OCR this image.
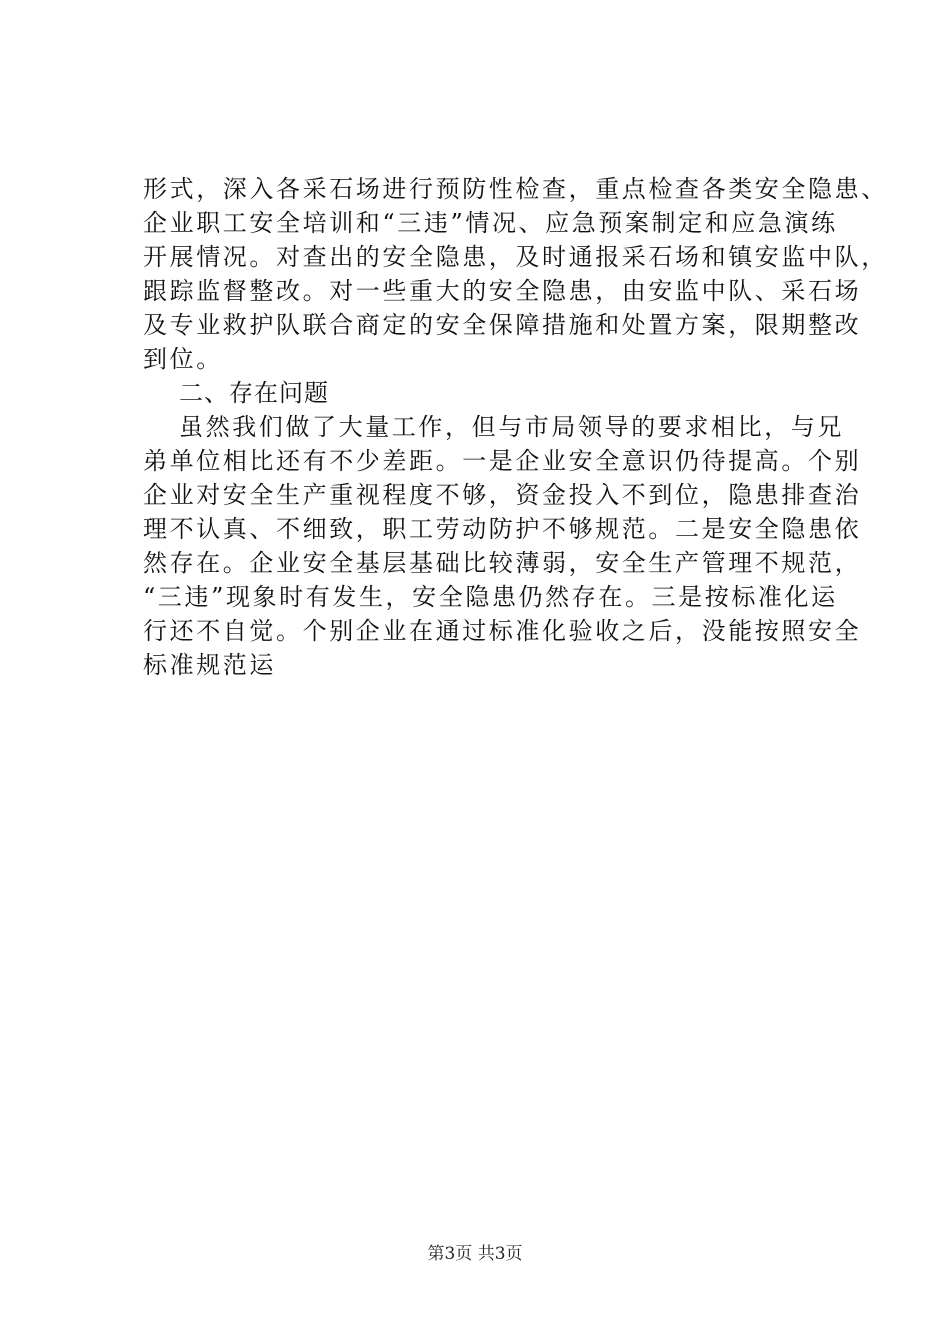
形式，深入各采石场进行预防性检查，重点检查各类安全隐患、
企业职工安全培训和“三违”情况、应急预案制定和应急演练
开展情况。对查出的安全隐患，及时通报采石场和镇安监中队，
跟踪监督整改。对一些重大的安全隐患，由安监中队、采石场
及专业救护队联合商定的安全保障措施和处置方案，限期整改
到位。
二、存在问题
虽然我们做了大量工作，但与市局领导的要求相比，与兄
弟单位相比还有不少差距。一是企业安全意识仍待提高。个别
企业对安全生产重视程度不够，资金投入不到位，隐患排查治
理不认真、不细致，职工劳动防护不够规范。二是安全隐患依
然存在。企业安全基层基础比较薄弱，安全生产管理不规范，
“三违”现象时有发生，安全隐患仍然存在。三是按标准化运
行还不自觉。个别企业在通过标准化验收之后，没能按照安全
标准规范运
第3页 共3页
